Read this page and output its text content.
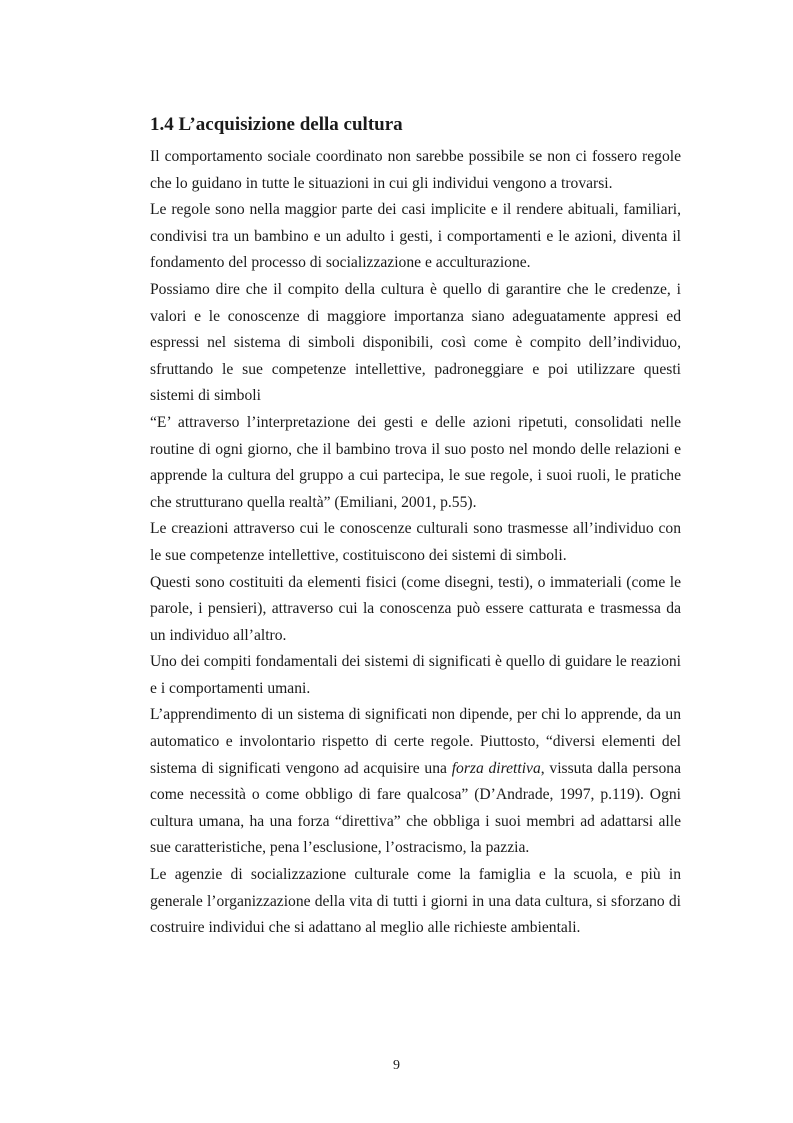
1.4 L’acquisizione della cultura

Il comportamento sociale coordinato non sarebbe possibile se non ci fossero regole che lo guidano in tutte le situazioni in cui gli individui vengono a trovarsi.

Le regole sono nella maggior parte dei casi implicite e il rendere abituali, familiari, condivisi tra un bambino e un adulto i gesti, i comportamenti e le azioni, diventa il fondamento del processo di socializzazione e acculturazione.

Possiamo dire che il compito della cultura è quello di garantire che le credenze, i valori e le conoscenze di maggiore importanza siano adeguatamente appresi ed espressi nel sistema di simboli disponibili, così come è compito dell’individuo, sfruttando le sue competenze intellettive, padroneggiare e poi utilizzare questi sistemi di simboli

“E’ attraverso l’interpretazione dei gesti e delle azioni ripetuti, consolidati nelle routine di ogni giorno, che il bambino trova il suo posto nel mondo delle relazioni e apprende la cultura del gruppo a cui partecipa, le sue regole, i suoi ruoli, le pratiche che strutturano quella realtà” (Emiliani, 2001, p.55).

Le creazioni attraverso cui le conoscenze culturali sono trasmesse all’individuo con le sue competenze intellettive, costituiscono dei sistemi di simboli.

Questi sono costituiti da elementi fisici (come disegni, testi), o immateriali (come le parole, i pensieri), attraverso cui la conoscenza può essere catturata e trasmessa da un individuo all’altro.

Uno dei compiti fondamentali dei sistemi di significati è quello di guidare le reazioni e i comportamenti umani.

L’apprendimento di un sistema di significati non dipende, per chi lo apprende, da un automatico e involontario rispetto di certe regole. Piuttosto, “diversi elementi del sistema di significati vengono ad acquisire una forza direttiva, vissuta dalla persona come necessità o come obbligo di fare qualcosa” (D’Andrade, 1997, p.119). Ogni cultura umana, ha una forza “direttiva” che obbliga i suoi membri ad adattarsi alle sue caratteristiche, pena l’esclusione, l’ostracismo, la pazzia.

Le agenzie di socializzazione culturale come la famiglia e la scuola, e più in generale l’organizzazione della vita di tutti i giorni in una data cultura, si sforzano di costruire individui che si adattano al meglio alle richieste ambientali.

9
